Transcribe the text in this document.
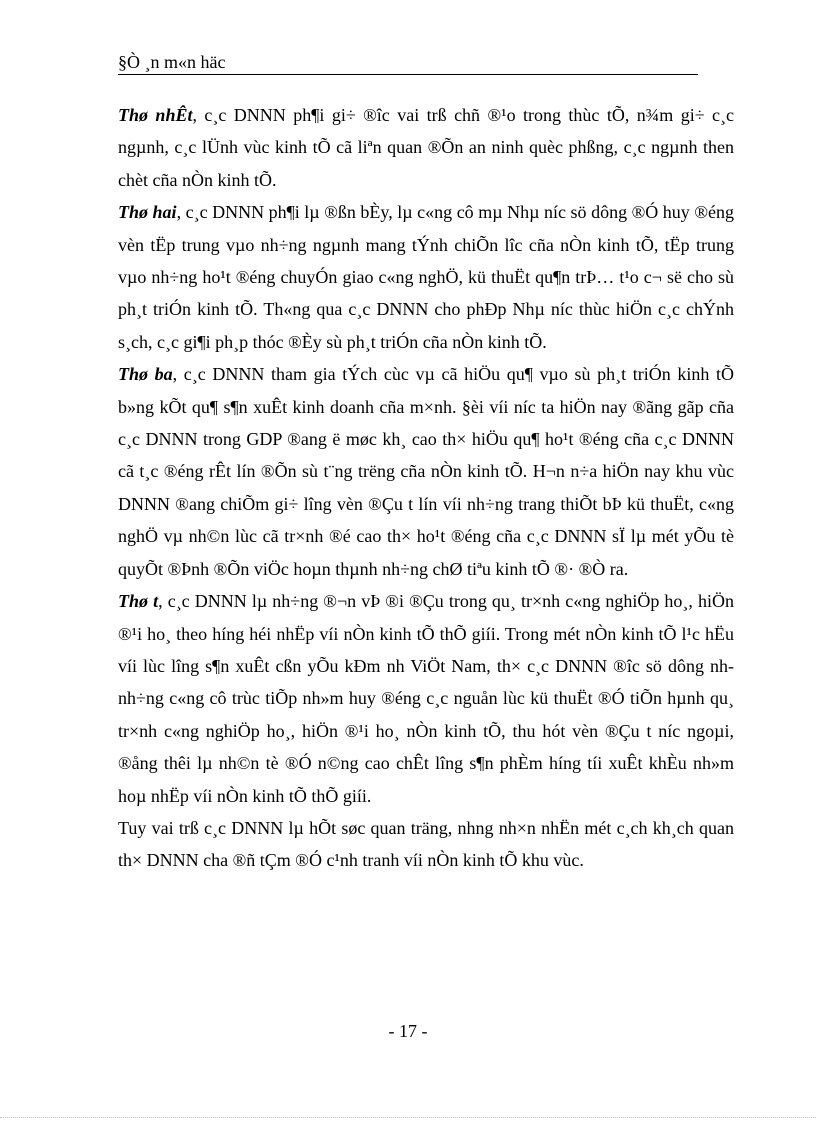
§Ò ¸n m«n häc

Thø nhÊt, c¸c DNNN ph¶i gi÷ ®îc vai trß chñ ®¹o trong thùc tÕ, n¾m gi÷ c¸c ngµnh, c¸c lÜnh vùc kinh tÕ cã liªn quan ®Õn an ninh quèc phßng, c¸c ngµnh then chèt cña nÒn kinh tÕ.

Thø hai, c¸c DNNN ph¶i lµ ®ßn bÈy, lµ c«ng cô mµ Nhµ níc sö dông ®Ó huy ®éng vèn tËp trung vµo nh÷ng ngµnh mang tÝnh chiÕn lîc cña nÒn kinh tÕ, tËp trung vµo nh÷ng ho¹t ®éng chuyÓn giao c«ng nghÖ, kü thuËt qu¶n trÞ… t¹o c¬ së cho sù ph¸t triÓn kinh tÕ. Th«ng qua c¸c DNNN cho phÐp Nhµ níc thùc hiÖn c¸c chÝnh s¸ch, c¸c gi¶i ph¸p thóc ®Èy sù ph¸t triÓn cña nÒn kinh tÕ.

Thø ba, c¸c DNNN tham gia tÝch cùc vµ cã hiÖu qu¶ vµo sù ph¸t triÓn kinh tÕ b»ng kÕt qu¶ s¶n xuÊt kinh doanh cña m×nh. §èi víi níc ta hiÖn nay ®ãng gãp cña c¸c DNNN trong GDP ®ang ë møc kh¸ cao th× hiÖu qu¶ ho¹t ®éng cña c¸c DNNN cã t¸c ®éng rÊt lín ®Õn sù t¨ng trëng cña nÒn kinh tÕ. H¬n n÷a hiÖn nay khu vùc DNNN ®ang chiÕm gi÷ lîng vèn ®Çu t lín víi nh÷ng trang thiÕt bÞ kü thuËt, c«ng nghÖ vµ nh©n lùc cã tr×nh ®é cao th× ho¹t ®éng cña c¸c DNNN sÏ lµ mét yÕu tè quyÕt ®Þnh ®Õn viÖc hoµn thµnh nh÷ng chØ tiªu kinh tÕ ®· ®Ò ra.

Thø t, c¸c DNNN lµ nh÷ng ®¬n vÞ ®i ®Çu trong qu¸ tr×nh c«ng nghiÖp ho¸, hiÖn ®¹i ho¸ theo híng héi nhËp víi nÒn kinh tÕ thÕ giíi. Trong mét nÒn kinh tÕ l¹c hËu víi lùc lîng s¶n xuÊt cßn yÕu kÐm nh ViÖt Nam, th× c¸c DNNN ®îc sö dông nh nh÷ng c«ng cô trùc tiÕp nh»m huy ®éng c¸c nguån lùc kü thuËt ®Ó tiÕn hµnh qu¸ tr×nh c«ng nghiÖp ho¸, hiÖn ®¹i ho¸ nÒn kinh tÕ, thu hót vèn ®Çu t níc ngoµi, ®ång thêi lµ nh©n tè ®Ó n©ng cao chÊt lîng s¶n phÈm híng tíi xuÊt khÈu nh»m hoµ nhËp víi nÒn kinh tÕ thÕ giíi.

Tuy vai trß c¸c DNNN lµ hÕt søc quan träng, nhng nh×n nhËn mét c¸ch kh¸ch quan th× DNNN cha ®ñ tÇm ®Ó c¹nh tranh víi nÒn kinh tÕ khu vùc.

- 17 -
